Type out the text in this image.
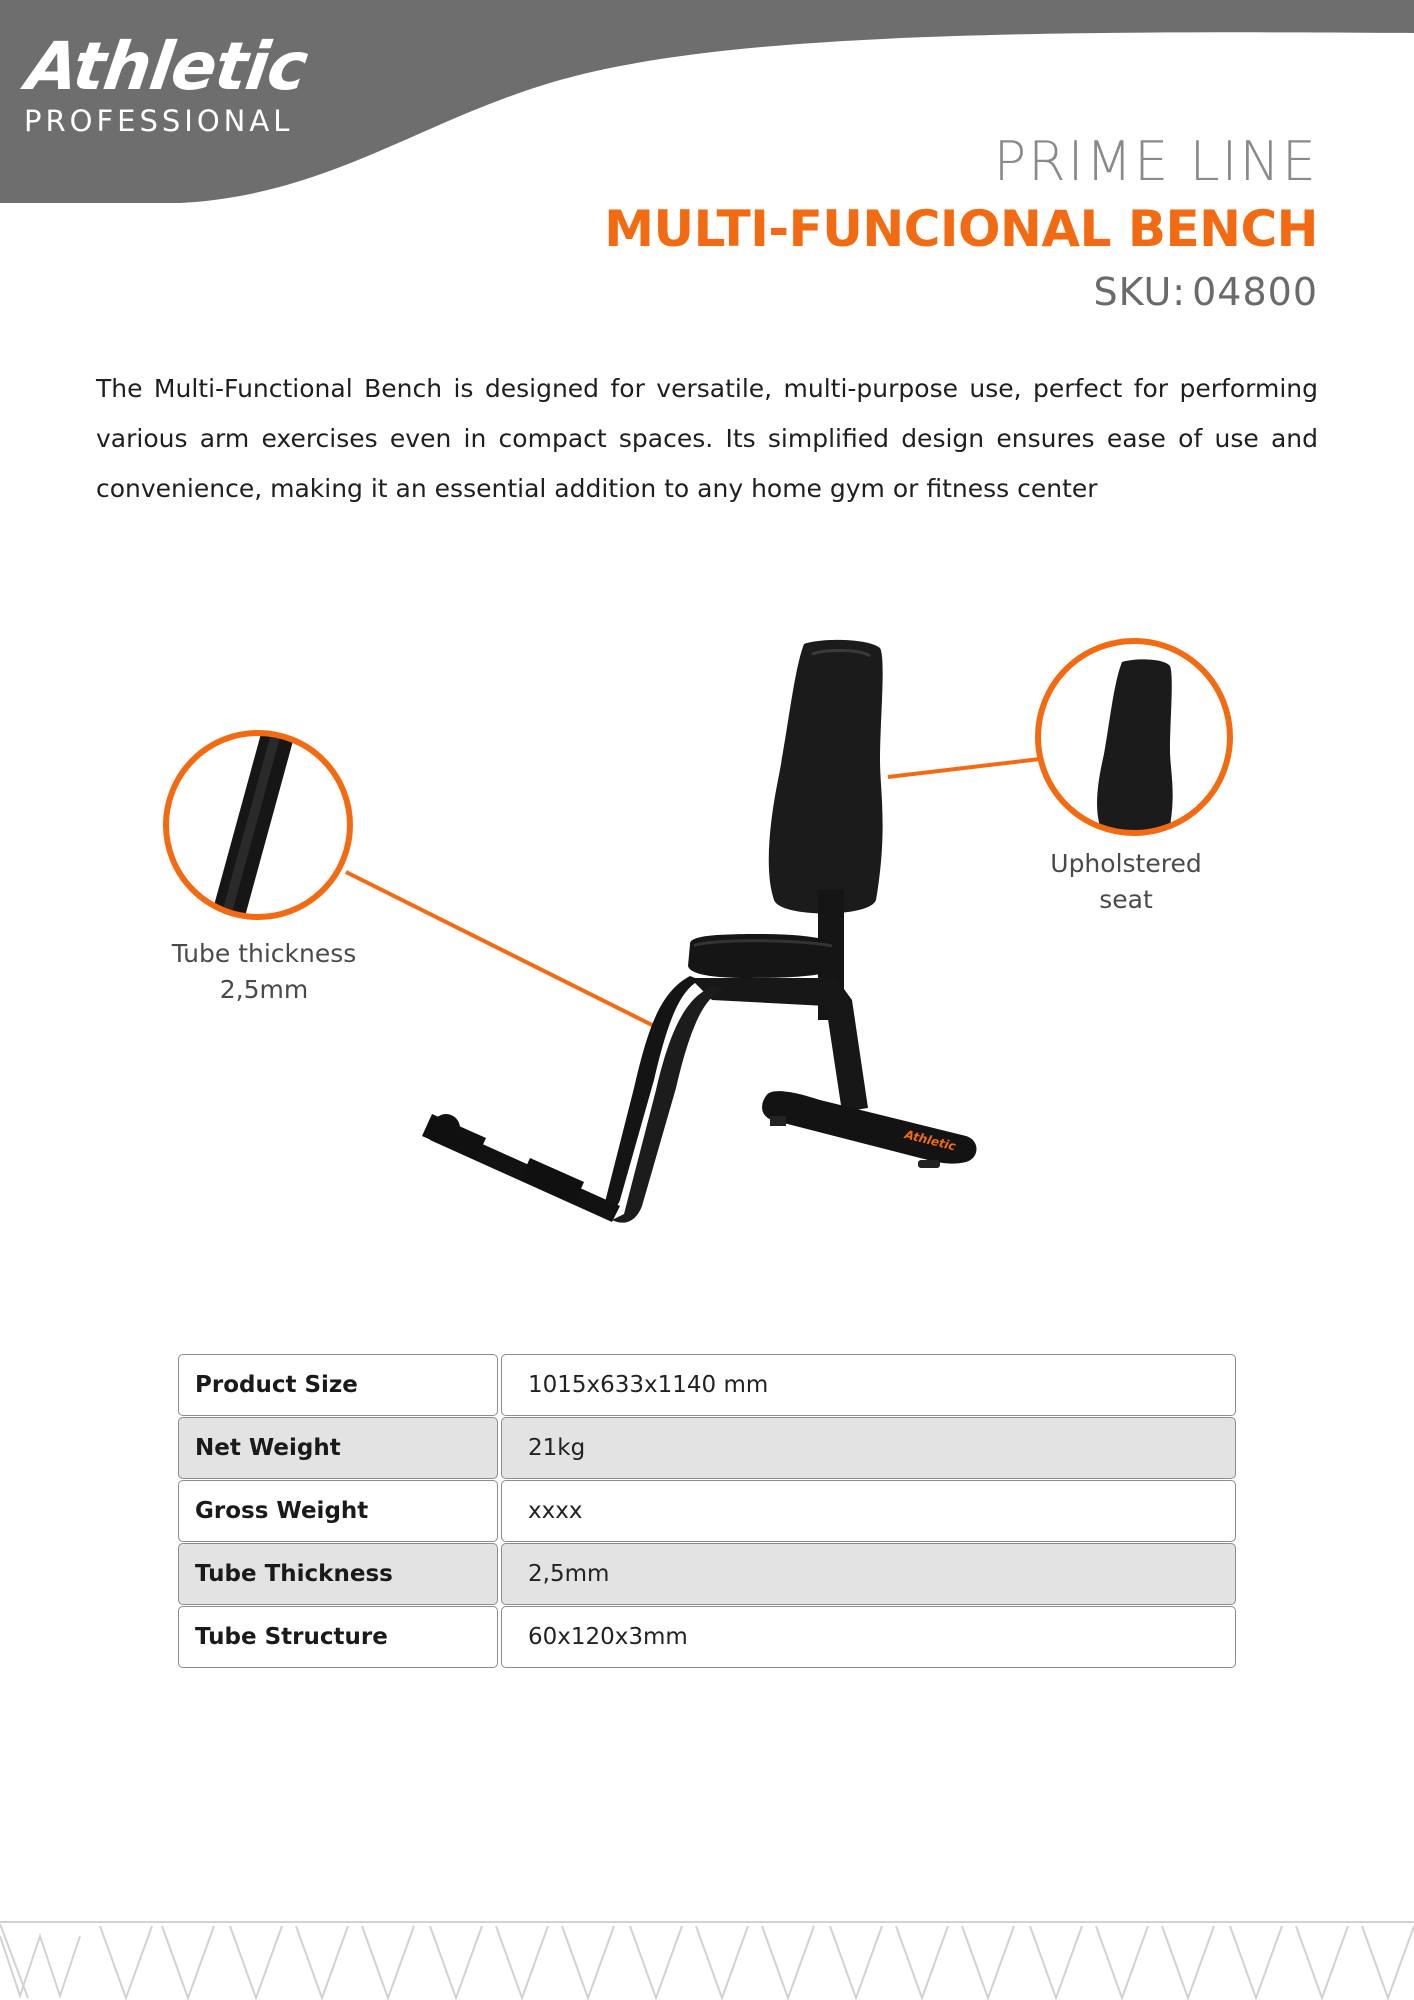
Athletic
PROFESSIONAL
PRIME LINE
MULTI-FUNCIONAL BENCH
SKU: 04800

The Multi-Functional Bench is designed for versatile, multi-purpose use, perfect for performing various arm exercises even in compact spaces. Its simplified design ensures ease of use and convenience, making it an essential addition to any home gym or fitness center

Athletic
Tube thickness
2,5mm
Upholstered
seat
Product Size	1015x633x1140 mm
Net Weight	21kg
Gross Weight	xxxx
Tube Thickness	2,5mm
Tube Structure	60x120x3mm
